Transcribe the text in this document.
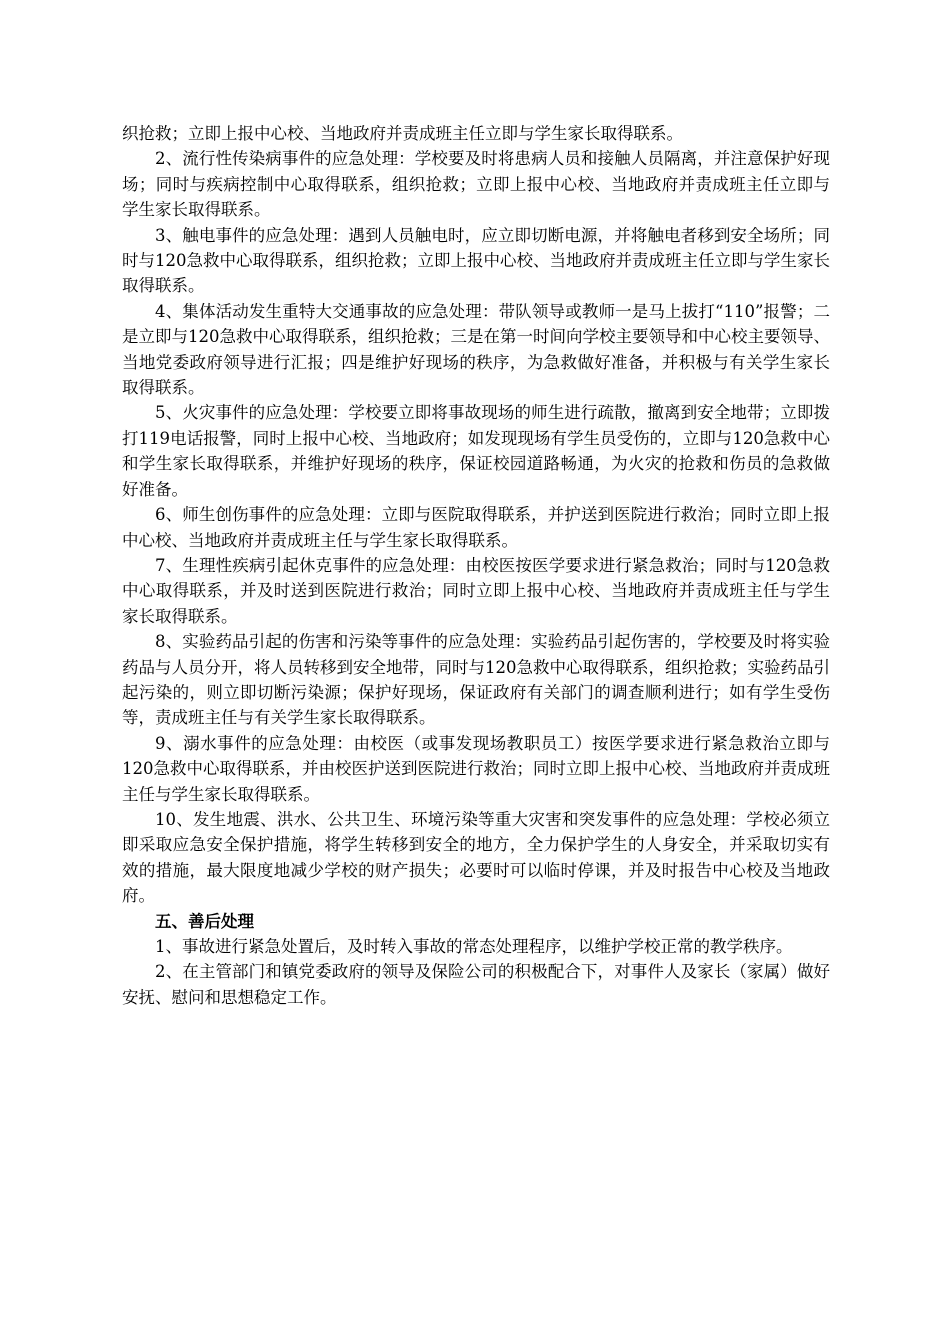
织抢救；立即上报中心校、当地政府并责成班主任立即与学生家长取得联系。

2、流行性传染病事件的应急处理：学校要及时将患病人员和接触人员隔离，并注意保护好现场；同时与疾病控制中心取得联系，组织抢救；立即上报中心校、当地政府并责成班主任立即与学生家长取得联系。

3、触电事件的应急处理：遇到人员触电时，应立即切断电源，并将触电者移到安全场所；同时与120急救中心取得联系，组织抢救；立即上报中心校、当地政府并责成班主任立即与学生家长取得联系。

4、集体活动发生重特大交通事故的应急处理：带队领导或教师一是马上拔打“110”报警；二是立即与120急救中心取得联系，组织抢救；三是在第一时间向学校主要领导和中心校主要领导、当地党委政府领导进行汇报；四是维护好现场的秩序，为急救做好准备，并积极与有关学生家长取得联系。

5、火灾事件的应急处理：学校要立即将事故现场的师生进行疏散，撤离到安全地带；立即拨打119电话报警，同时上报中心校、当地政府；如发现现场有学生员受伤的，立即与120急救中心和学生家长取得联系，并维护好现场的秩序，保证校园道路畅通，为火灾的抢救和伤员的急救做好准备。

6、师生创伤事件的应急处理：立即与医院取得联系，并护送到医院进行救治；同时立即上报中心校、当地政府并责成班主任与学生家长取得联系。

7、生理性疾病引起休克事件的应急处理：由校医按医学要求进行紧急救治；同时与120急救中心取得联系，并及时送到医院进行救治；同时立即上报中心校、当地政府并责成班主任与学生家长取得联系。

8、实验药品引起的伤害和污染等事件的应急处理：实验药品引起伤害的，学校要及时将实验药品与人员分开，将人员转移到安全地带，同时与120急救中心取得联系，组织抢救；实验药品引起污染的，则立即切断污染源；保护好现场，保证政府有关部门的调查顺利进行；如有学生受伤等，责成班主任与有关学生家长取得联系。

9、溺水事件的应急处理：由校医（或事发现场教职员工）按医学要求进行紧急救治立即与120急救中心取得联系，并由校医护送到医院进行救治；同时立即上报中心校、当地政府并责成班主任与学生家长取得联系。

10、发生地震、洪水、公共卫生、环境污染等重大灾害和突发事件的应急处理：学校必须立即采取应急安全保护措施，将学生转移到安全的地方，全力保护学生的人身安全，并采取切实有效的措施，最大限度地减少学校的财产损失；必要时可以临时停课，并及时报告中心校及当地政府。

五、善后处理

1、事故进行紧急处置后，及时转入事故的常态处理程序，以维护学校正常的教学秩序。

2、在主管部门和镇党委政府的领导及保险公司的积极配合下，对事件人及家长（家属）做好安抚、慰问和思想稳定工作。
